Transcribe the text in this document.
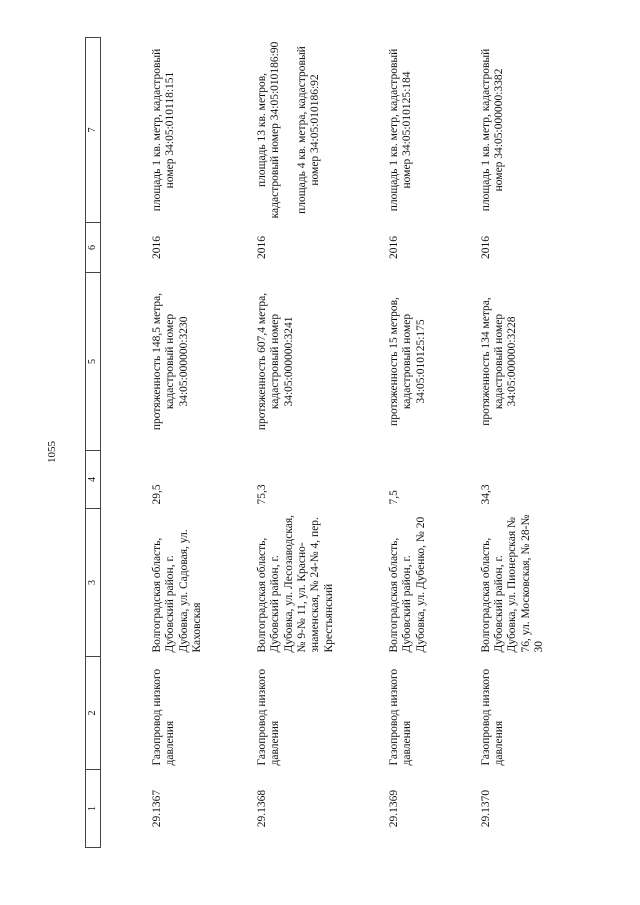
1055
1	2	3	4	5	6	7
29.1367	Газопровод низкого давления	Волгоградская область, Дубовский район, г. Дубовка, ул. Садовая, ул. Каховская	29,5	протяженность 148,5 метра, кадастровый номер 34:05:000000:3230	2016	площадь 1 кв. метр, кадастровый номер 34:05:010118:151

29.1368	Газопровод низкого давления	Волгоградская область, Дубовский район, г. Дубовка, ул. Лесозаводская, № 9-№ 11, ул. Красно-знаменская, № 24-№ 4, пер. Крестьянский	75,3	протяженность 607,4 метра, кадастровый номер 34:05:000000:3241	2016	площадь 13 кв. метров, кадастровый номер 34:05:010186:90 площадь 4 кв. метра, кадастровый номер 34:05:010186:92

29.1369	Газопровод низкого давления	Волгоградская область, Дубовский район, г. Дубовка, ул. Дубенко, № 20	7,5	протяженность 15 метров, кадастровый номер 34:05:010125:175	2016	площадь 1 кв. метр, кадастровый номер 34:05:010125:184

29.1370	Газопровод низкого давления	Волгоградская область, Дубовский район, г. Дубовка, ул. Пионерская № 76, ул. Московская, № 28-№ 30	34,3	протяженность 134 метра, кадастровый номер 34:05:000000:3228	2016	площадь 1 кв. метр, кадастровый номер 34:05:000000:3382
